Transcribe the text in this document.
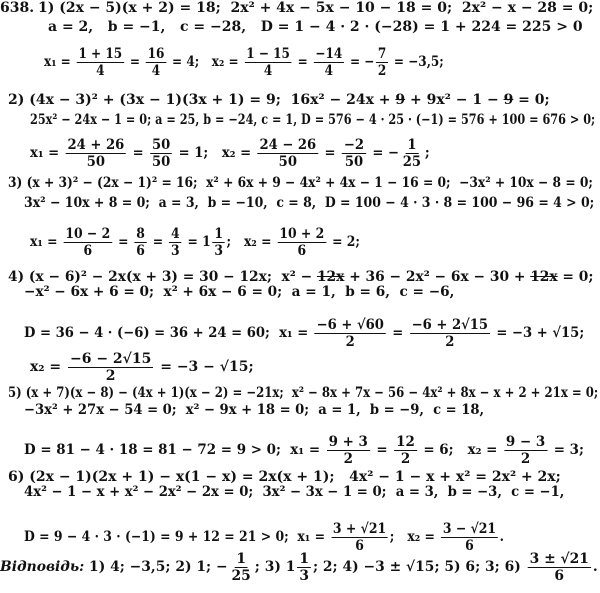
638. 1) (2x − 5)(x + 2) = 18;  2x² + 4x − 5x − 10 − 18 = 0;  2x² − x − 28 = 0;
a = 2,   b = −1,   c = −28,   D = 1 − 4 · 2 · (−28) = 1 + 224 = 225 > 0
$x_1 = \frac{1 + 15}{4} = \frac{16}{4} = 4$;   $x_2 = \frac{1 - 15}{4} = \frac{-14}{4}$ = − $\frac{7}{2} = -3,5$;
2) (4x − 3)² + (3x − 1)(3x + 1) = 9;  16x² − 24x + 9 + 9x² − 1 − 9 = 0;
25x² − 24x − 1 = 0; a = 25, b = −24, c = 1, D = 576 − 4 · 25 · (−1) = 576 + 100 = 676 > 0;
$x_1 = \frac{24 + 26}{50} = \frac{50}{50} = 1$;   $x_2 = \frac{24 - 26}{50} = \frac{-2}{50}$ = − $\frac{1}{25}$ ;
3) (x + 3)² − (2x − 1)² = 16;  x² + 6x + 9 − 4x² + 4x − 1 − 16 = 0;  −3x² + 10x − 8 = 0;
3x² − 10x + 8 = 0;  a = 3,  b = −10,  c = 8,  D = 100 − 4 · 3 · 8 = 100 − 96 = 4 > 0;
$x_1 = \frac{10 - 2}{6} = \frac{8}{6} = \frac{4}{3} = 1 \frac{1}{3}$ ;   $x_2 = \frac{10 + 2}{6} = 2$;
4) (x − 6)² − 2x(x + 3) = 30 − 12x;  x² − 12x + 36 − 2x² − 6x − 30 + 12x = 0;
−x² − 6x + 6 = 0;  x² + 6x − 6 = 0;  a = 1,  b = 6,  c = −6,
D = 36 − 4 · (−6) = 36 + 24 = 60;  $x_1 = \frac{-6 + √60}{2} = \frac{-6 + 2√15}{2} = -3 + √15$;
$x_2 = \frac{-6 - 2√15}{2} = -3 - √15$;
5) (x + 7)(x − 8) − (4x + 1)(x − 2) = −21x;  x² − 8x + 7x − 56 − 4x² + 8x − x + 2 + 21x = 0;
−3x² + 27x − 54 = 0;  x² − 9x + 18 = 0;  a = 1,  b = −9,  c = 18,
D = 81 − 4 · 18 = 81 − 72 = 9 > 0;  $x_1 = \frac{9 + 3}{2} = \frac{12}{2} = 6$;   $x_2 = \frac{9 - 3}{2} = 3$;
6) (2x − 1)(2x + 1) − x(1 − x) = 2x(x + 1);   4x² − 1 − x + x² = 2x² + 2x;
4x² − 1 − x + x² − 2x² − 2x = 0;  3x² − 3x − 1 = 0;  a = 3,  b = −3,  c = −1,
D = 9 − 4 · 3 · (−1) = 9 + 12 = 21 > 0;  $x_1 = \frac{3 + √21}{6}$ ;   $x_2 = \frac{3 - √21}{6}$ .
Відповідь: 1) 4; −3,5; 2) 1; − $\frac{1}{25}$ ; 3) $1 \frac{1}{3}$ ; 2; 4) −3 ± √15; 5) 6; 3; $6) \frac{3 \pm √21}{6}$ .
